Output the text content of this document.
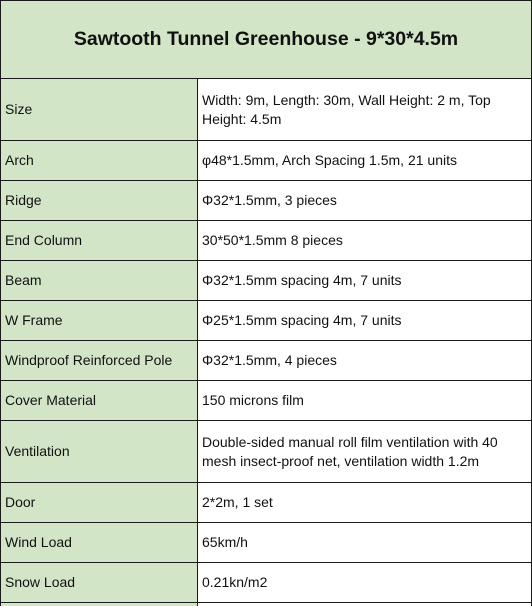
Sawtooth Tunnel Greenhouse - 9*30*4.5m	
Size	Width: 9m, Length: 30m, Wall Height: 2 m, Top Height: 4.5m
Arch	φ48*1.5mm, Arch Spacing 1.5m, 21 units
Ridge	Φ32*1.5mm, 3 pieces
End Column	30*50*1.5mm 8 pieces
Beam	Φ32*1.5mm spacing 4m, 7 units
W Frame	Φ25*1.5mm spacing 4m, 7 units
Windproof Reinforced Pole	Φ32*1.5mm, 4 pieces
Cover Material	150 microns film
Ventilation	Double-sided manual roll film ventilation with 40 mesh insect-proof net, ventilation width 1.2m
Door	2*2m, 1 set
Wind Load	65km/h
Snow Load	0.21kn/m2
